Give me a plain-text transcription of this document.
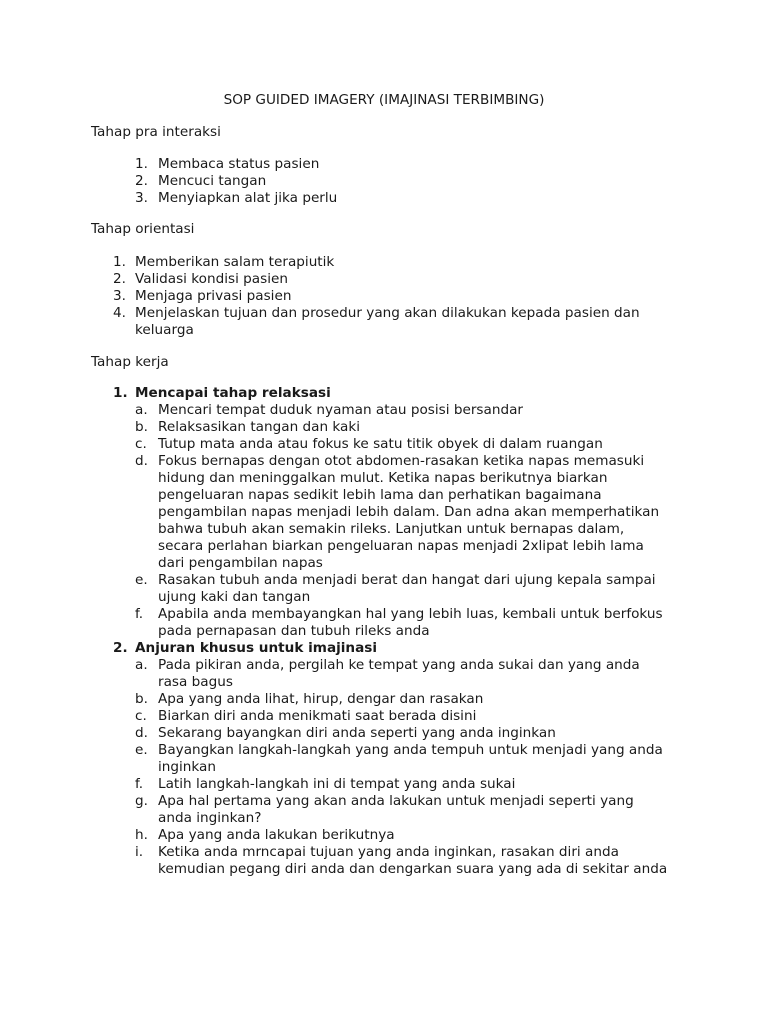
SOP GUIDED IMAGERY (IMAJINASI TERBIMBING)
Tahap pra interaksi
1. Membaca status pasien
2. Mencuci tangan
3. Menyiapkan alat jika perlu
Tahap orientasi
1. Memberikan salam terapiutik
2. Validasi kondisi pasien
3. Menjaga privasi pasien
4. Menjelaskan tujuan dan prosedur yang akan dilakukan kepada pasien dan
keluarga
Tahap kerja
1. Mencapai tahap relaksasi
a. Mencari tempat duduk nyaman atau posisi bersandar
b. Relaksasikan tangan dan kaki
c. Tutup mata anda atau fokus ke satu titik obyek di dalam ruangan
d. Fokus bernapas dengan otot abdomen-rasakan ketika napas memasuki
hidung dan meninggalkan mulut. Ketika napas berikutnya biarkan
pengeluaran napas sedikit lebih lama dan perhatikan bagaimana
pengambilan napas menjadi lebih dalam. Dan adna akan memperhatikan
bahwa tubuh akan semakin rileks. Lanjutkan untuk bernapas dalam,
secara perlahan biarkan pengeluaran napas menjadi 2xlipat lebih lama
dari pengambilan napas
e. Rasakan tubuh anda menjadi berat dan hangat dari ujung kepala sampai
ujung kaki dan tangan
f. Apabila anda membayangkan hal yang lebih luas, kembali untuk berfokus
pada pernapasan dan tubuh rileks anda
2. Anjuran khusus untuk imajinasi
a. Pada pikiran anda, pergilah ke tempat yang anda sukai dan yang anda
rasa bagus
b. Apa yang anda lihat, hirup, dengar dan rasakan
c. Biarkan diri anda menikmati saat berada disini
d. Sekarang bayangkan diri anda seperti yang anda inginkan
e. Bayangkan langkah-langkah yang anda tempuh untuk menjadi yang anda
inginkan
f. Latih langkah-langkah ini di tempat yang anda sukai
g. Apa hal pertama yang akan anda lakukan untuk menjadi seperti yang
anda inginkan?
h. Apa yang anda lakukan berikutnya
i. Ketika anda mrncapai tujuan yang anda inginkan, rasakan diri anda
kemudian pegang diri anda dan dengarkan suara yang ada di sekitar anda
